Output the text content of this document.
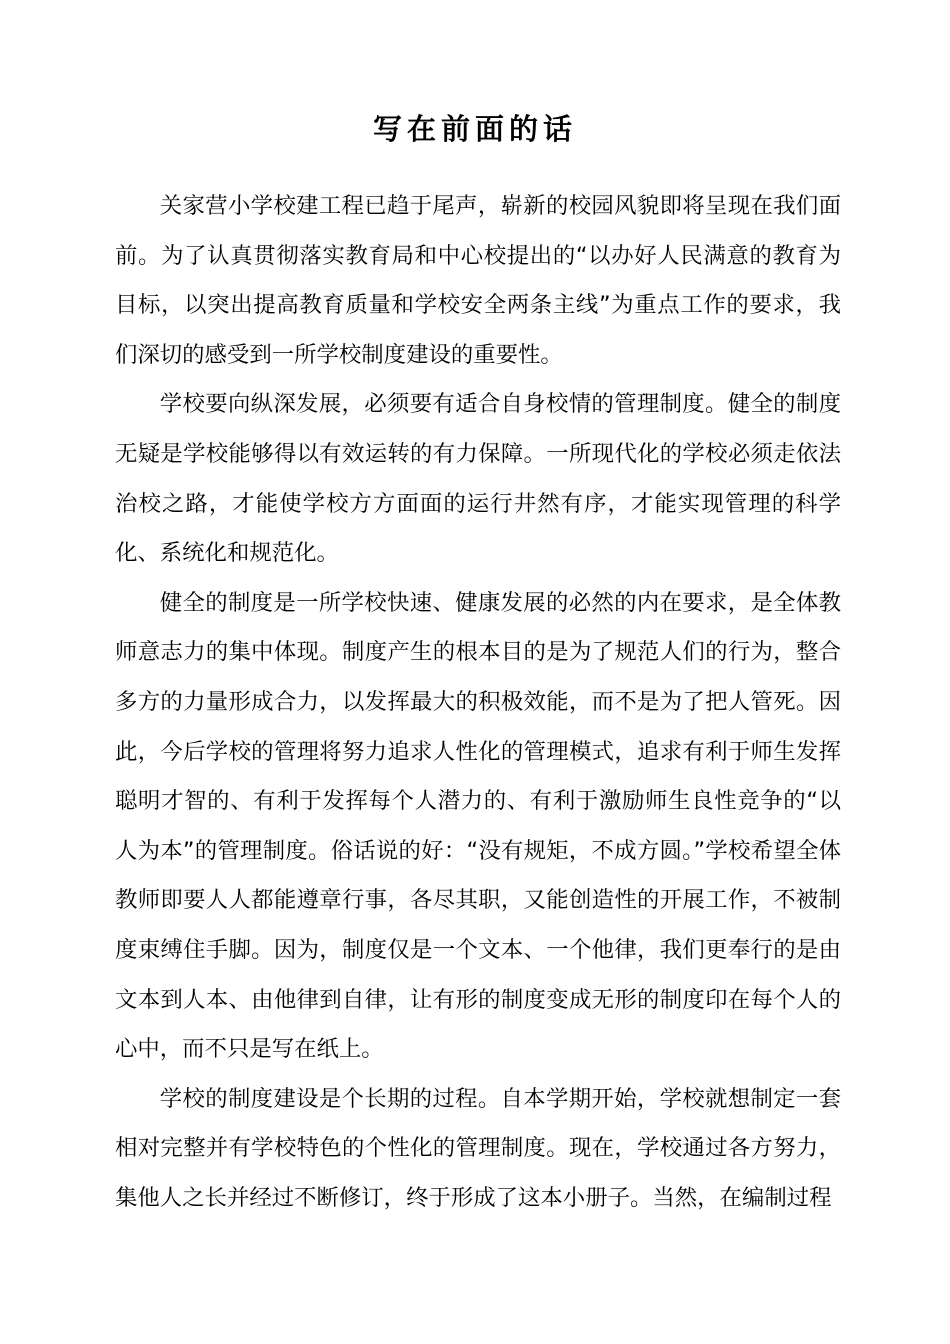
写在前面的话

关家营小学校建工程已趋于尾声，崭新的校园风貌即将呈现在我们面前。为了认真贯彻落实教育局和中心校提出的“以办好人民满意的教育为目标，以突出提高教育质量和学校安全两条主线”为重点工作的要求，我们深切的感受到一所学校制度建设的重要性。

学校要向纵深发展，必须要有适合自身校情的管理制度。健全的制度无疑是学校能够得以有效运转的有力保障。一所现代化的学校必须走依法治校之路，才能使学校方方面面的运行井然有序，才能实现管理的科学化、系统化和规范化。

健全的制度是一所学校快速、健康发展的必然的内在要求，是全体教师意志力的集中体现。制度产生的根本目的是为了规范人们的行为，整合多方的力量形成合力，以发挥最大的积极效能，而不是为了把人管死。因此，今后学校的管理将努力追求人性化的管理模式，追求有利于师生发挥聪明才智的、有利于发挥每个人潜力的、有利于激励师生良性竞争的“以人为本”的管理制度。俗话说的好：“没有规矩，不成方圆。”学校希望全体教师即要人人都能遵章行事，各尽其职，又能创造性的开展工作，不被制度束缚住手脚。因为，制度仅是一个文本、一个他律，我们更奉行的是由文本到人本、由他律到自律，让有形的制度变成无形的制度印在每个人的心中，而不只是写在纸上。

学校的制度建设是个长期的过程。自本学期开始，学校就想制定一套相对完整并有学校特色的个性化的管理制度。现在，学校通过各方努力，集他人之长并经过不断修订，终于形成了这本小册子。当然，在编制过程
